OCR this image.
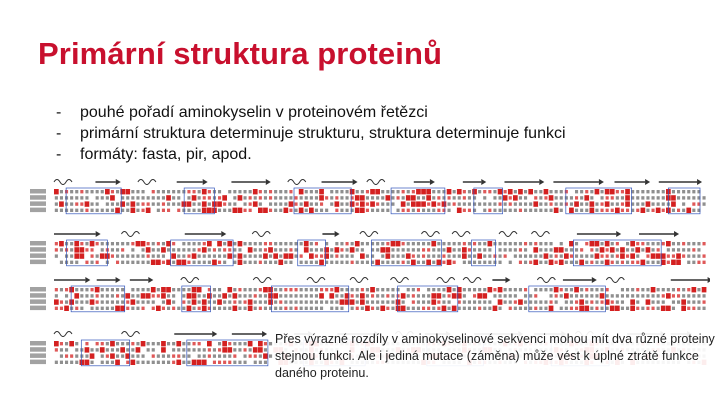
Primární struktura proteinů
- pouhé pořadí aminokyselin v proteinovém řetězci
- primární struktura determinuje strukturu, struktura determinuje funkci
- formáty: fasta, pir, apod.
Přes výrazné rozdíly v aminokyselinové sekvenci mohou mít dva různé proteiny stejnou funkci. Ale i jediná mutace (záměna) může vést k úplné ztrátě funkce daného proteinu.
